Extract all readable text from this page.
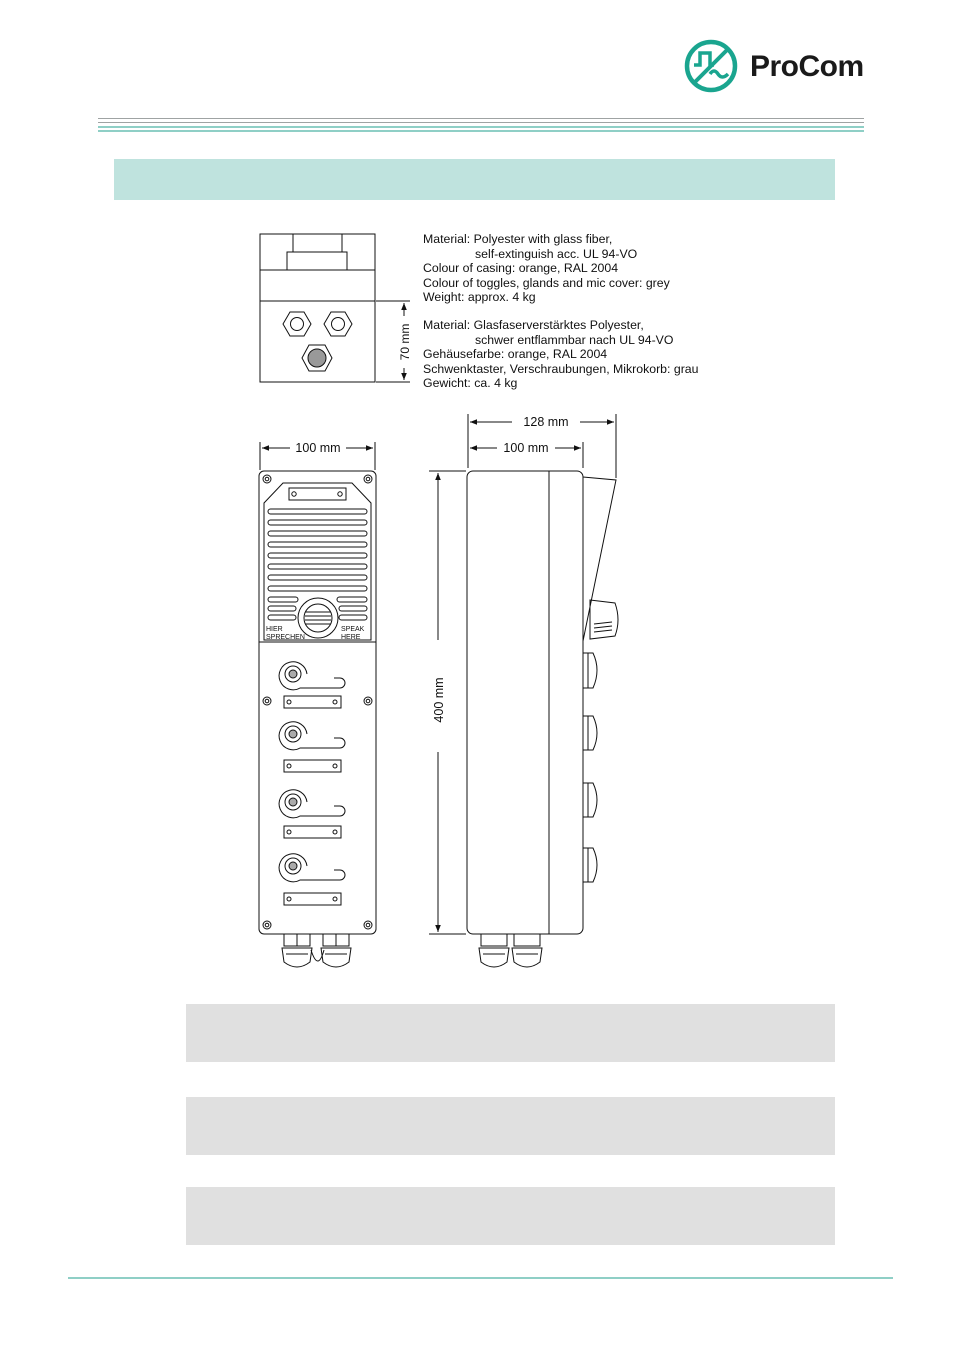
ProCom
Material: Polyester with glass fiber,
self-extinguish acc. UL 94-VO
Colour of casing: orange, RAL 2004
Colour of toggles, glands and mic cover: grey
Weight: approx. 4 kg
Material: Glasfaserverstärktes Polyester,
schwer entflammbar nach UL 94-VO
Gehäusefarbe: orange, RAL 2004
Schwenktaster, Verschraubungen, Mikrokorb: grau
Gewicht: ca. 4 kg
70 mm
100 mm
HIER
SPRECHEN
SPEAK
HERE
400 mm
128 mm
100 mm
